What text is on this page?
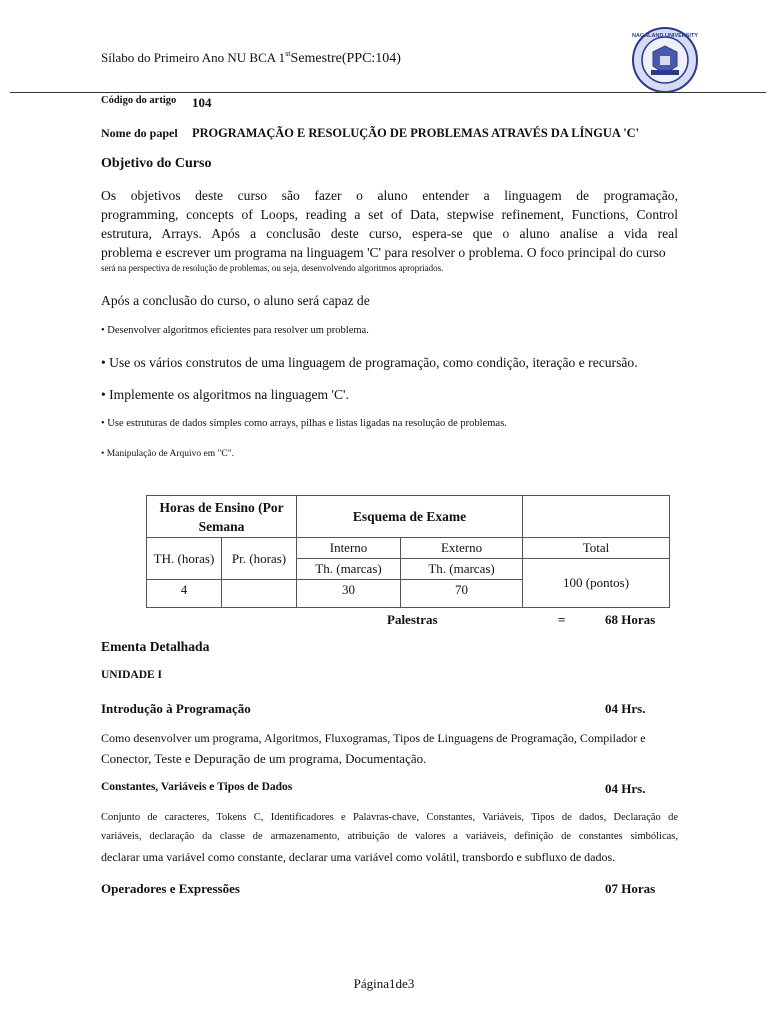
Sílabo do Primeiro Ano NU BCA 1stSemestre(PPC:104)
NAGALAND UNIVERSITY
Código do artigo 104
Nome do papel PROGRAMAÇÃO E RESOLUÇÃO DE PROBLEMAS ATRAVÉS DA LÍNGUA 'C'
Objetivo do Curso
Os objetivos deste curso são fazer o aluno entender a linguagem de programação,
programming, concepts of Loops, reading a set of Data, stepwise refinement, Functions, Control
estrutura, Arrays. Após a conclusão deste curso, espera-se que o aluno analise a vida real
problema e escrever um programa na linguagem 'C' para resolver o problema. O foco principal do curso
será na perspectiva de resolução de problemas, ou seja, desenvolvendo algoritmos apropriados.
Após a conclusão do curso, o aluno será capaz de
• Desenvolver algoritmos eficientes para resolver um problema.
• Use os vários construtos de uma linguagem de programação, como condição, iteração e recursão.
• Implemente os algoritmos na linguagem 'C'.
• Use estruturas de dados simples como arrays, pilhas e listas ligadas na resolução de problemas.
• Manipulação de Arquivo em "C".
Horas de Ensino (Por Semana		Esquema de Exame		
TH. (horas)	Pr. (horas)	Interno	Externo	Total
		Th. (marcas)	Th. (marcas)	100 (pontos)
4		30	70	
Palestras	=	68 Horas
Ementa Detalhada
UNIDADE I
Introdução à Programação	04 Hrs.
Como desenvolver um programa, Algoritmos, Fluxogramas, Tipos de Linguagens de Programação, Compilador e
Conector, Teste e Depuração de um programa, Documentação.
Constantes, Variáveis e Tipos de Dados	04 Hrs.
Conjunto de caracteres, Tokens C, Identificadores e Palavras-chave, Constantes, Variáveis, Tipos de dados, Declaração de
variáveis, declaração da classe de armazenamento, atribuição de valores a variáveis, definição de constantes simbólicas,
declarar uma variável como constante, declarar uma variável como volátil, transbordo e subfluxo de dados.
Operadores e Expressões	07 Horas
Página1de3
